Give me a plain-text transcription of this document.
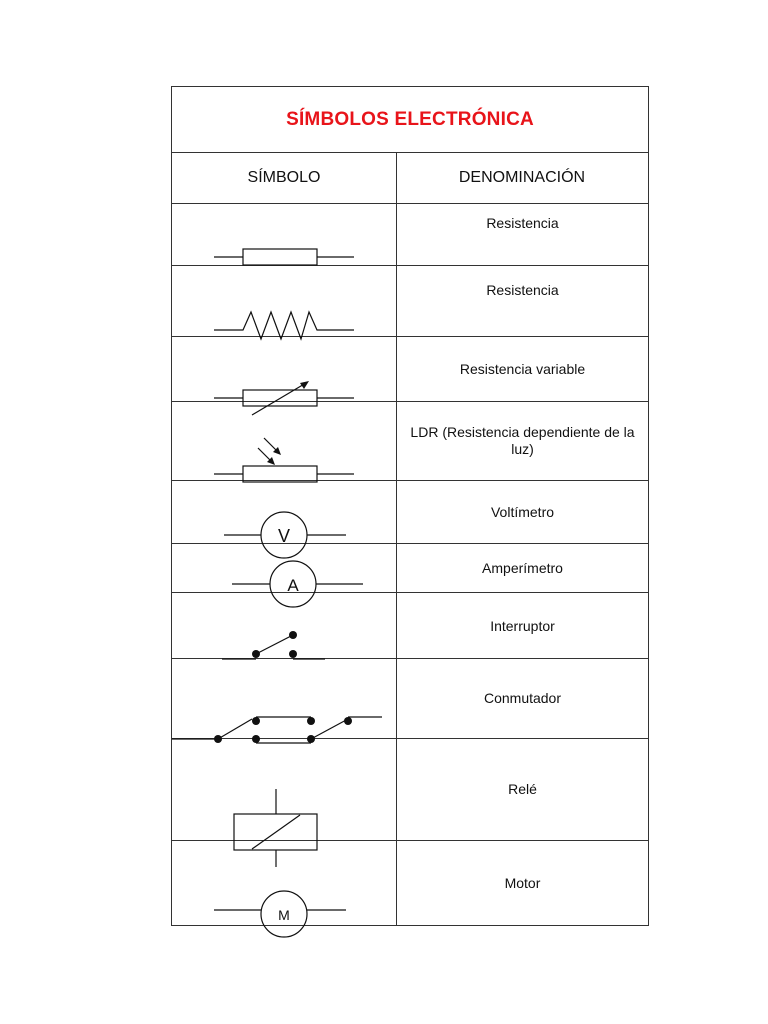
SÍMBOLOS ELECTRÓNICA
SÍMBOLO	DENOMINACIÓN
Resistencia
Resistencia
Resistencia variable
LDR (Resistencia dependiente de la luz)
V
Voltímetro
A
Amperímetro
Interruptor
Conmutador
Relé
M
Motor
